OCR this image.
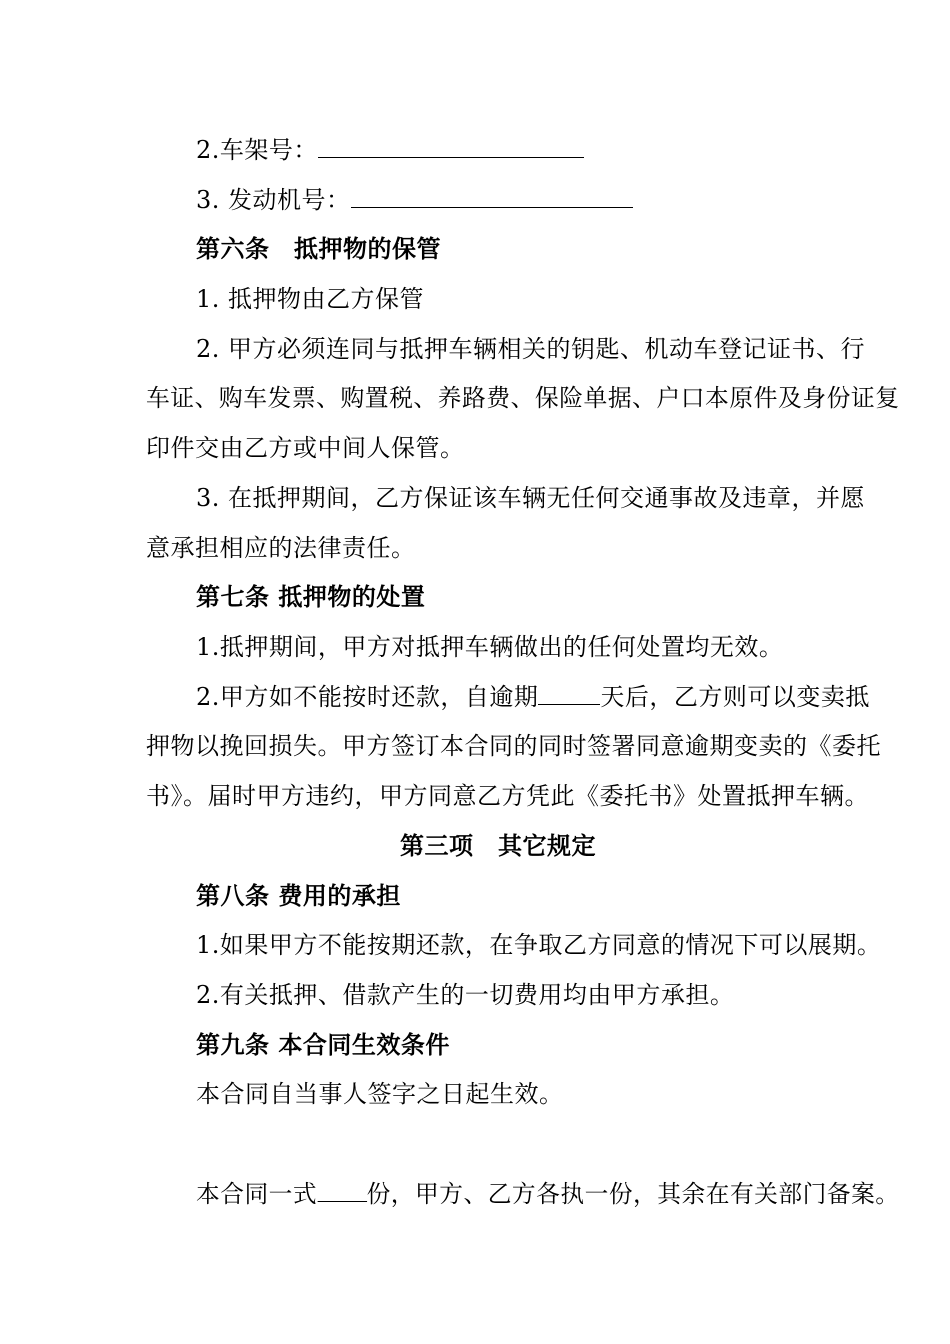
2.车架号：
3. 发动机号：
第六条　抵押物的保管
1. 抵押物由乙方保管
2. 甲方必须连同与抵押车辆相关的钥匙、机动车登记证书、行
车证、购车发票、购置税、养路费、保险单据、户口本原件及身份证复
印件交由乙方或中间人保管。
3. 在抵押期间，乙方保证该车辆无任何交通事故及违章，并愿
意承担相应的法律责任。
第七条 抵押物的处置
1.抵押期间，甲方对抵押车辆做出的任何处置均无效。
2.甲方如不能按时还款，自逾期	天后，乙方则可以变卖抵
押物以挽回损失。甲方签订本合同的同时签署同意逾期变卖的《委托
书》。届时甲方违约，甲方同意乙方凭此《委托书》处置抵押车辆。
第三项　其它规定
第八条 费用的承担
1.如果甲方不能按期还款，在争取乙方同意的情况下可以展期。
2.有关抵押、借款产生的一切费用均由甲方承担。
第九条 本合同生效条件
本合同自当事人签字之日起生效。
本合同一式 份，甲方、乙方各执一份，其余在有关部门备案。
